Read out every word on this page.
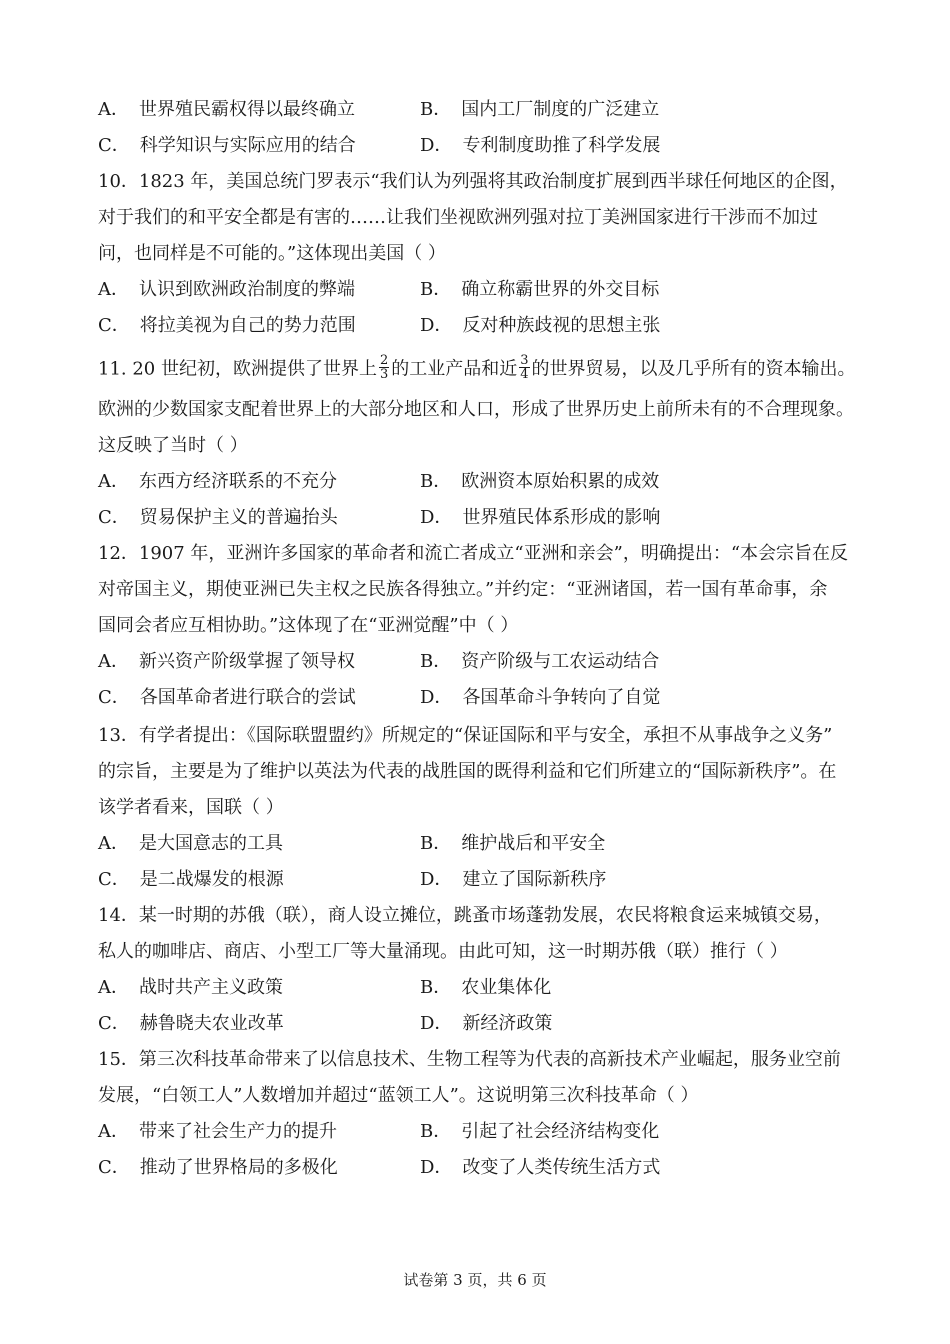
A． 世界殖民霸权得以最终确立	B． 国内工厂制度的广泛建立
C． 科学知识与实际应用的结合	D． 专利制度助推了科学发展
10．1823 年，美国总统门罗表示“我们认为列强将其政治制度扩展到西半球任何地区的企图，
对于我们的和平安全都是有害的……让我们坐视欧洲列强对拉丁美洲国家进行干涉而不加过
问，也同样是不可能的。”这体现出美国（ ）
A． 认识到欧洲政治制度的弊端	B． 确立称霸世界的外交目标
C． 将拉美视为自己的势力范围	D． 反对种族歧视的思想主张
11. 20 世纪初，欧洲提供了世界上 $\frac{2}{3}$ 的工业产品和近 $\frac{3}{4}$ 的世界贸易，以及几乎所有的资本输出。
欧洲的少数国家支配着世界上的大部分地区和人口，形成了世界历史上前所未有的不合理现象。
这反映了当时（ ）
A． 东西方经济联系的不充分	B． 欧洲资本原始积累的成效
C． 贸易保护主义的普遍抬头	D． 世界殖民体系形成的影响
12．1907 年，亚洲许多国家的革命者和流亡者成立“亚洲和亲会”，明确提出：“本会宗旨在反
对帝国主义，期使亚洲已失主权之民族各得独立。”并约定：“亚洲诸国，若一国有革命事，余
国同会者应互相协助。”这体现了在“亚洲觉醒”中（ ）
A． 新兴资产阶级掌握了领导权	B． 资产阶级与工农运动结合
C． 各国革命者进行联合的尝试	D． 各国革命斗争转向了自觉
13．有学者提出：《国际联盟盟约》所规定的“保证国际和平与安全，承担不从事战争之义务”
的宗旨，主要是为了维护以英法为代表的战胜国的既得利益和它们所建立的“国际新秩序”。在
该学者看来，国联（ ）
A． 是大国意志的工具	B． 维护战后和平安全
C． 是二战爆发的根源	D． 建立了国际新秩序
14．某一时期的苏俄（联），商人设立摊位，跳蚤市场蓬勃发展，农民将粮食运来城镇交易，
私人的咖啡店、商店、小型工厂等大量涌现。由此可知，这一时期苏俄（联）推行（ ）
A． 战时共产主义政策	B． 农业集体化
C． 赫鲁晓夫农业改革	D． 新经济政策
15．第三次科技革命带来了以信息技术、生物工程等为代表的高新技术产业崛起，服务业空前
发展，“白领工人”人数增加并超过“蓝领工人”。这说明第三次科技革命（ ）
A． 带来了社会生产力的提升	B． 引起了社会经济结构变化
C． 推动了世界格局的多极化	D． 改变了人类传统生活方式
试卷第 3 页，共 6 页
